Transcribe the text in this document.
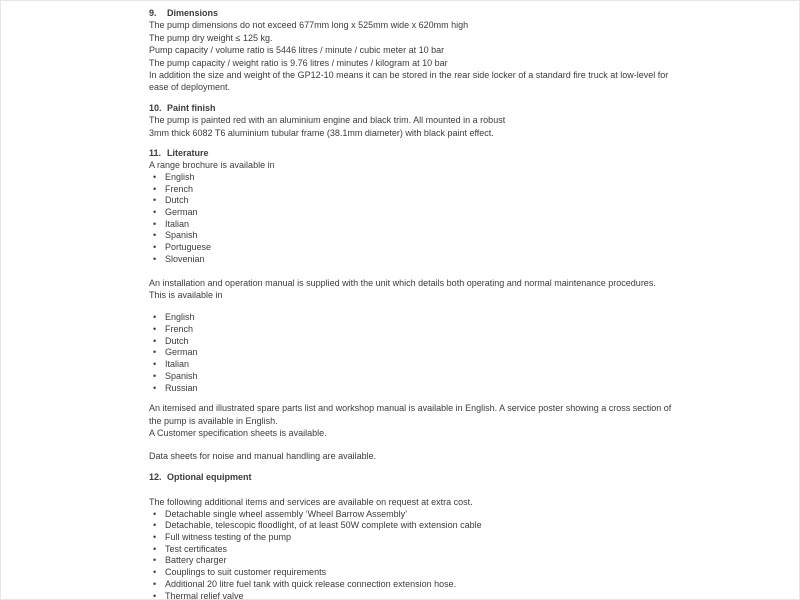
9. Dimensions
The pump dimensions do not exceed 677mm long x 525mm wide x 620mm high
The pump dry weight ≤ 125 kg.
Pump capacity / volume ratio is 5446 litres / minute / cubic meter at 10 bar
The pump capacity / weight ratio is 9.76 litres / minutes / kilogram at 10 bar
In addition the size and weight of the GP12-10 means it can be stored in the rear side locker of a standard fire truck at low-level for
ease of deployment.
10. Paint finish
The pump is painted red with an aluminium engine and black trim. All mounted in a robust
3mm thick 6082 T6 aluminium tubular frame (38.1mm diameter) with black paint effect.
11. Literature
A range brochure is available in
• English
• French
• Dutch
• German
• Italian
• Spanish
• Portuguese
• Slovenian
An installation and operation manual is supplied with the unit which details both operating and normal maintenance procedures.
This is available in
• English
• French
• Dutch
• German
• Italian
• Spanish
• Russian
An itemised and illustrated spare parts list and workshop manual is available in English. A service poster showing a cross section of
the pump is available in English.
A Customer specification sheets is available.
Data sheets for noise and manual handling are available.
12. Optional equipment
The following additional items and services are available on request at extra cost.
• Detachable single wheel assembly ‘Wheel Barrow Assembly’
• Detachable, telescopic floodlight, of at least 50W complete with extension cable
• Full witness testing of the pump
• Test certificates
• Battery charger
• Couplings to suit customer requirements
• Additional 20 litre fuel tank with quick release connection extension hose.
• Thermal relief valve
